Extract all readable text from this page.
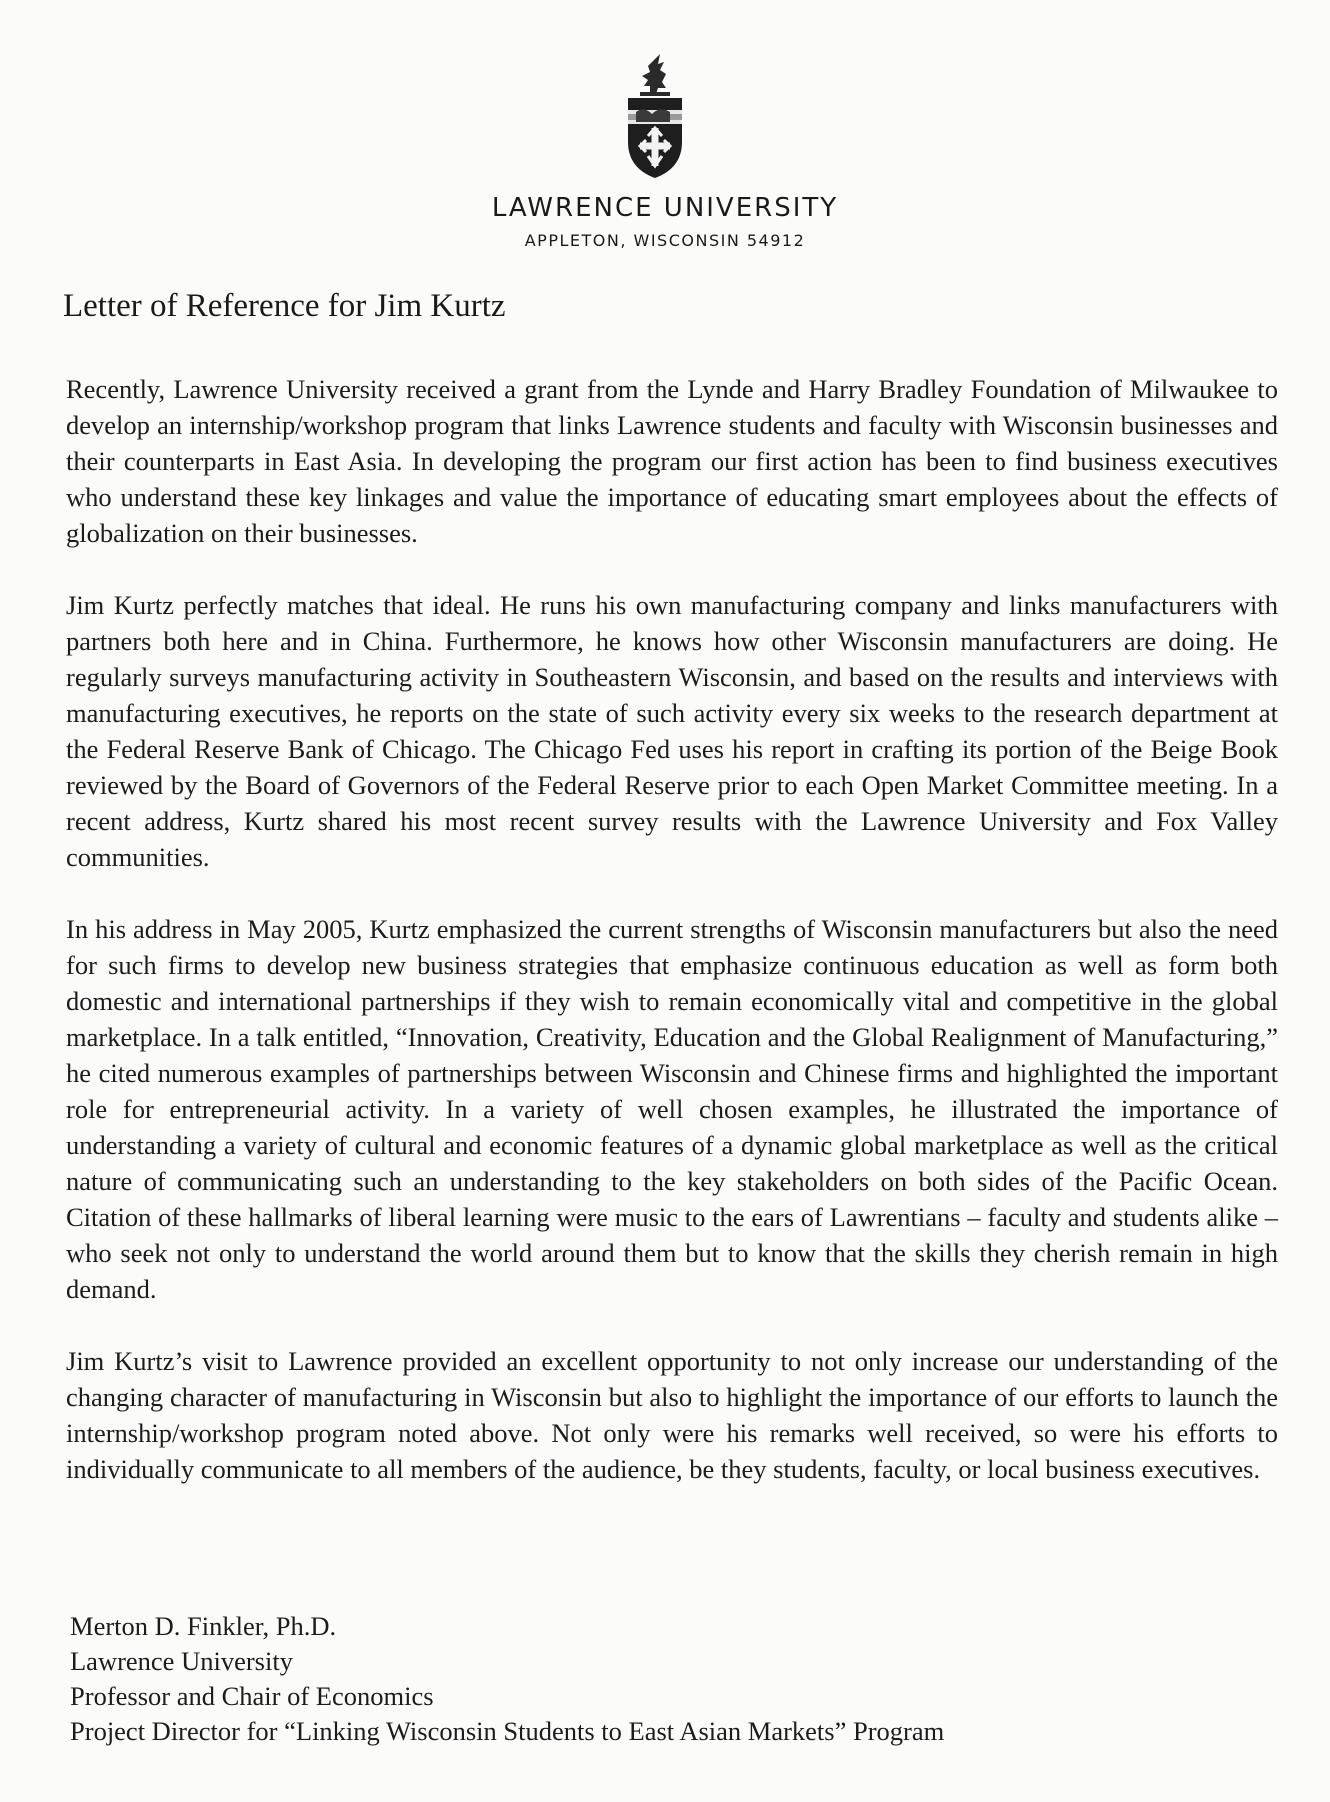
LAWRENCE UNIVERSITY
APPLETON, WISCONSIN 54912
Letter of Reference for Jim Kurtz

Recently, Lawrence University received a grant from the Lynde and Harry Bradley Foundation of Milwaukee to develop an internship/workshop program that links Lawrence students and faculty with Wisconsin businesses and their counterparts in East Asia. In developing the program our first action has been to find business executives who understand these key linkages and value the importance of educating smart employees about the effects of globalization on their businesses.

Jim Kurtz perfectly matches that ideal. He runs his own manufacturing company and links manufacturers with partners both here and in China. Furthermore, he knows how other Wisconsin manufacturers are doing. He regularly surveys manufacturing activity in Southeastern Wisconsin, and based on the results and interviews with manufacturing executives, he reports on the state of such activity every six weeks to the research department at the Federal Reserve Bank of Chicago. The Chicago Fed uses his report in crafting its portion of the Beige Book reviewed by the Board of Governors of the Federal Reserve prior to each Open Market Committee meeting. In a recent address, Kurtz shared his most recent survey results with the Lawrence University and Fox Valley communities.

In his address in May 2005, Kurtz emphasized the current strengths of Wisconsin manufacturers but also the need for such firms to develop new business strategies that emphasize continuous education as well as form both domestic and international partnerships if they wish to remain economically vital and competitive in the global marketplace. In a talk entitled, “Innovation, Creativity, Education and the Global Realignment of Manufacturing,” he cited numerous examples of partnerships between Wisconsin and Chinese firms and highlighted the important role for entrepreneurial activity. In a variety of well chosen examples, he illustrated the importance of understanding a variety of cultural and economic features of a dynamic global marketplace as well as the critical nature of communicating such an understanding to the key stakeholders on both sides of the Pacific Ocean. Citation of these hallmarks of liberal learning were music to the ears of Lawrentians – faculty and students alike – who seek not only to understand the world around them but to know that the skills they cherish remain in high demand.

Jim Kurtz’s visit to Lawrence provided an excellent opportunity to not only increase our understanding of the changing character of manufacturing in Wisconsin but also to highlight the importance of our efforts to launch the internship/workshop program noted above. Not only were his remarks well received, so were his efforts to individually communicate to all members of the audience, be they students, faculty, or local business executives.

Merton D. Finkler, Ph.D.
Lawrence University
Professor and Chair of Economics
Project Director for “Linking Wisconsin Students to East Asian Markets” Program
